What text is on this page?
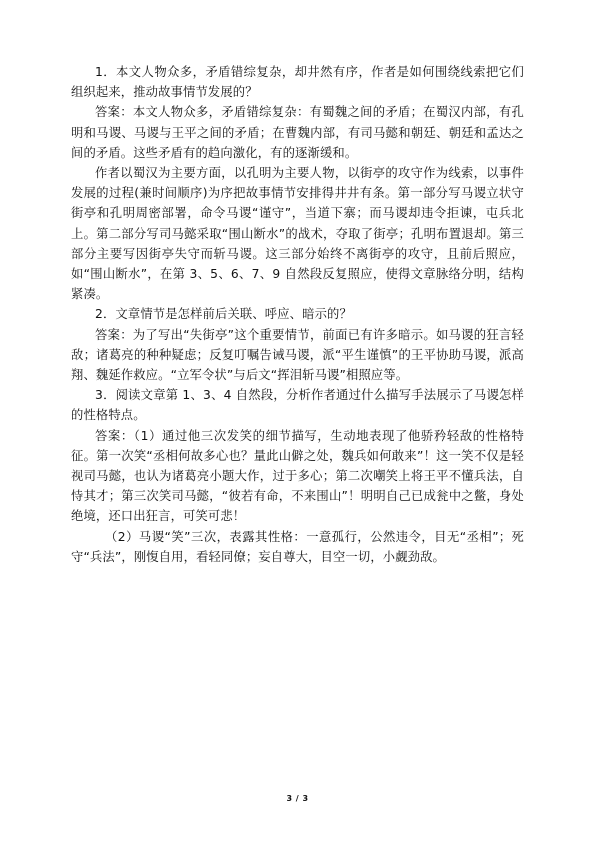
1．本文人物众多，矛盾错综复杂，却井然有序，作者是如何围绕线索把它们组织起来，推动故事情节发展的？

答案：本文人物众多，矛盾错综复杂：有蜀魏之间的矛盾；在蜀汉内部，有孔明和马谡、马谡与王平之间的矛盾；在曹魏内部，有司马懿和朝廷、朝廷和孟达之间的矛盾。这些矛盾有的趋向激化，有的逐渐缓和。

作者以蜀汉为主要方面，以孔明为主要人物，以街亭的攻守作为线索，以事件发展的过程(兼时间顺序)为序把故事情节安排得井井有条。第一部分写马谡立状守街亭和孔明周密部署，命令马谡“谨守”，当道下寨；而马谡却违令拒谏，屯兵北上。第二部分写司马懿采取“围山断水”的战术，夺取了街亭；孔明布置退却。第三部分主要写因街亭失守而斩马谡。这三部分始终不离街亭的攻守，且前后照应，如“围山断水”，在第 3、5、6、7、9 自然段反复照应，使得文章脉络分明，结构紧凑。

2．文章情节是怎样前后关联、呼应、暗示的？

答案：为了写出“失街亭”这个重要情节，前面已有许多暗示。如马谡的狂言轻敌；诸葛亮的种种疑虑；反复叮嘱告诫马谡，派“平生谨慎”的王平协助马谡，派高翔、魏延作救应。“立军令状”与后文“挥泪斩马谡”相照应等。

3．阅读文章第 1、3、4 自然段，分析作者通过什么描写手法展示了马谡怎样的性格特点。

答案：（1）通过他三次发笑的细节描写，生动地表现了他骄矜轻敌的性格特征。第一次笑“丞相何故多心也？量此山僻之处，魏兵如何敢来”！这一笑不仅是轻视司马懿，也认为诸葛亮小题大作，过于多心；第二次嘲笑上将王平不懂兵法，自恃其才；第三次笑司马懿，“彼若有命，不来围山”！明明自己已成瓮中之鳖，身处绝境，还口出狂言，可笑可悲！

（2）马谡“笑”三次，表露其性格：一意孤行，公然违令，目无“丞相”；死守“兵法”，刚愎自用，看轻同僚；妄自尊大，目空一切，小觑劲敌。

3 / 3
